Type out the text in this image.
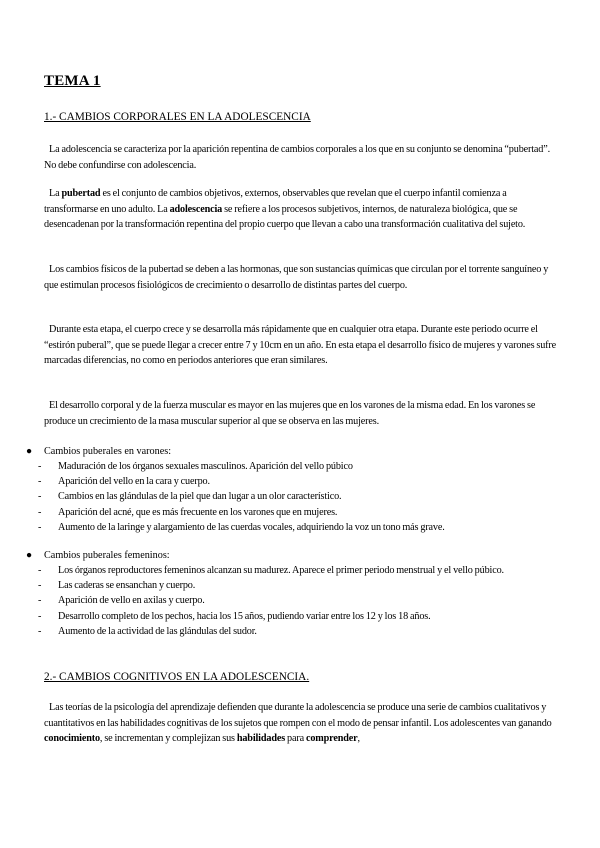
TEMA 1
1.- CAMBIOS CORPORALES EN LA ADOLESCENCIA

La adolescencia se caracteriza por la aparición repentina de cambios corporales a los que en su conjunto se denomina “pubertad”. No debe confundirse con adolescencia.

La pubertad es el conjunto de cambios objetivos, externos, observables que revelan que el cuerpo infantil comienza a transformarse en uno adulto. La adolescencia se refiere a los procesos subjetivos, internos, de naturaleza biológica, que se desencadenan por la transformación repentina del propio cuerpo que llevan a cabo una transformación cualitativa del sujeto.

Los cambios físicos de la pubertad se deben a las hormonas, que son sustancias químicas que circulan por el torrente sanguíneo y que estimulan procesos fisiológicos de crecimiento o desarrollo de distintas partes del cuerpo.

Durante esta etapa, el cuerpo crece y se desarrolla más rápidamente que en cualquier otra etapa. Durante este periodo ocurre el “estirón puberal”, que se puede llegar a crecer entre 7 y 10cm en un año. En esta etapa el desarrollo físico de mujeres y varones sufre marcadas diferencias, no como en periodos anteriores que eran similares.

El desarrollo corporal y de la fuerza muscular es mayor en las mujeres que en los varones de la misma edad. En los varones se produce un crecimiento de la masa muscular superior al que se observa en las mujeres.

●	Cambios puberales en varones:
- Maduración de los órganos sexuales masculinos. Aparición del vello púbico
- Aparición del vello en la cara y cuerpo.
- Cambios en las glándulas de la piel que dan lugar a un olor característico.
- Aparición del acné, que es más frecuente en los varones que en mujeres.
- Aumento de la laringe y alargamiento de las cuerdas vocales, adquiriendo la voz un tono más grave.
●	Cambios puberales femeninos:
- Los órganos reproductores femeninos alcanzan su madurez. Aparece el primer periodo menstrual y el vello púbico.
- Las caderas se ensanchan y cuerpo.
- Aparición de vello en axilas y cuerpo.
- Desarrollo completo de los pechos, hacia los 15 años, pudiendo variar entre los 12 y los 18 años.
- Aumento de la actividad de las glándulas del sudor.
2.- CAMBIOS COGNITIVOS EN LA ADOLESCENCIA.

Las teorías de la psicología del aprendizaje defienden que durante la adolescencia se produce una serie de cambios cualitativos y cuantitativos en las habilidades cognitivas de los sujetos que rompen con el modo de pensar infantil. Los adolescentes van ganando conocimiento, se incrementan y complejizan sus habilidades para comprender,
